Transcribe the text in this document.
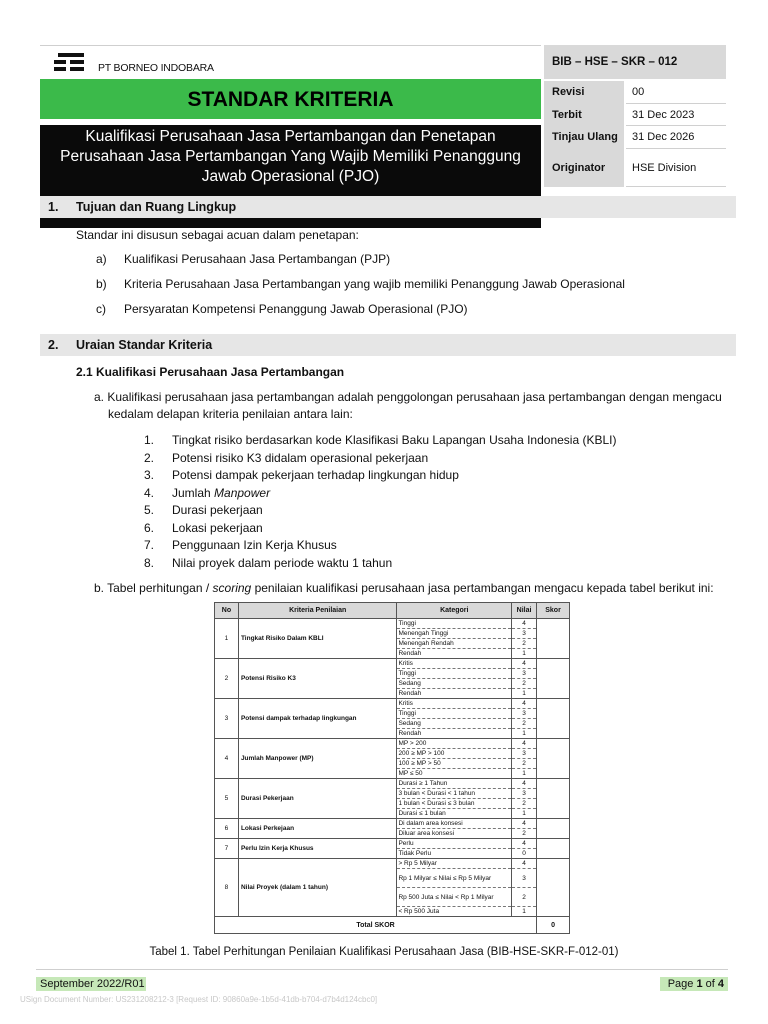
PT BORNEO INDOBARA
STANDAR KRITERIA
Kualifikasi Perusahaan Jasa Pertambangan dan Penetapan Perusahaan Jasa Pertambangan Yang Wajib Memiliki Penanggung Jawab Operasional (PJO)
BIB – HSE – SKR – 012
Revisi	00
Terbit	31 Dec 2023
Tinjau Ulang	31 Dec 2026
Originator	HSE Division
1. Tujuan dan Ruang Lingkup
Standar ini disusun sebagai acuan dalam penetapan:
a) Kualifikasi Perusahaan Jasa Pertambangan (PJP)
b) Kriteria Perusahaan Jasa Pertambangan yang wajib memiliki Penanggung Jawab Operasional
c) Persyaratan Kompetensi Penanggung Jawab Operasional (PJO)
2. Uraian Standar Kriteria
2.1 Kualifikasi Perusahaan Jasa Pertambangan
a. Kualifikasi perusahaan jasa pertambangan adalah penggolongan perusahaan jasa pertambangan dengan mengacu
kedalam delapan kriteria penilaian antara lain:
1. Tingkat risiko berdasarkan kode Klasifikasi Baku Lapangan Usaha Indonesia (KBLI)
2. Potensi risiko K3 didalam operasional pekerjaan
3. Potensi dampak pekerjaan terhadap lingkungan hidup
4. Jumlah Manpower
5. Durasi pekerjaan
6. Lokasi pekerjaan
7. Penggunaan Izin Kerja Khusus
8. Nilai proyek dalam periode waktu 1 tahun
b. Tabel perhitungan / scoring penilaian kualifikasi perusahaan jasa pertambangan mengacu kepada tabel berikut ini:
No	Kriteria Penilaian	Kategori	Nilai	Skor
1	Tingkat Risiko Dalam KBLI	Tinggi	4	
		Menengah Tinggi	3	
		Menengah Rendah	2	
		Rendah	1	
2	Potensi Risiko K3	Kritis	4	
		Tinggi	3	
		Sedang	2	
		Rendah	1	
3	Potensi dampak terhadap lingkungan	Kritis	4	
		Tinggi	3	
		Sedang	2	
		Rendah	1	
4	Jumlah Manpower (MP)	MP > 200	4	
		200 ≥ MP > 100	3	
		100 ≥ MP > 50	2	
		MP ≤ 50	1	
5	Durasi Pekerjaan	Durasi ≥ 1 Tahun	4	
		3 bulan < Durasi < 1 tahun	3	
		1 bulan < Durasi ≤ 3 bulan	2	
		Durasi ≤ 1 bulan	1	
6	Lokasi Perkejaan	Di dalam area konsesi	4	
		Diluar area konsesi	2	
7	Perlu Izin Kerja Khusus	Perlu	4	
		Tidak Perlu	0	
8	Nilai Proyek (dalam 1 tahun)	> Rp 5 Milyar	4	
		Rp 1 Milyar ≤ Nilai ≤ Rp 5 Milyar	3	
		Rp 500 Juta ≤ Nilai < Rp 1 Milyar	2	
		< Rp 500 Juta	1	
Total SKOR				0
Tabel 1. Tabel Perhitungan Penilaian Kualifikasi Perusahaan Jasa (BIB-HSE-SKR-F-012-01)
September 2022/R01	Page 1 of 4
USign Document Number: US231208212-3 [Request ID: 90860a9e-1b5d-41db-b704-d7b4d124cbc0]
